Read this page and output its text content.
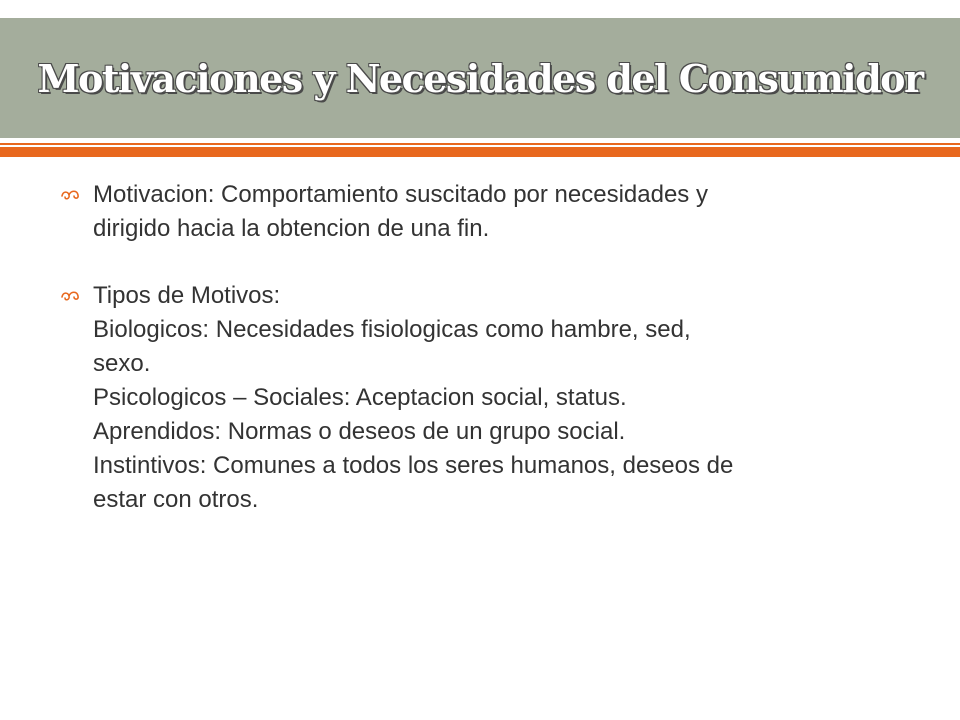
Motivaciones y Necesidades del Consumidor
Motivacion: Comportamiento suscitado por necesidades y
dirigido hacia la obtencion de una fin.
Tipos de Motivos:
Biologicos: Necesidades fisiologicas como hambre, sed,
sexo.
Psicologicos – Sociales: Aceptacion social, status.
Aprendidos: Normas o deseos de un grupo social.
Instintivos: Comunes a todos los seres humanos, deseos de
estar con otros.
